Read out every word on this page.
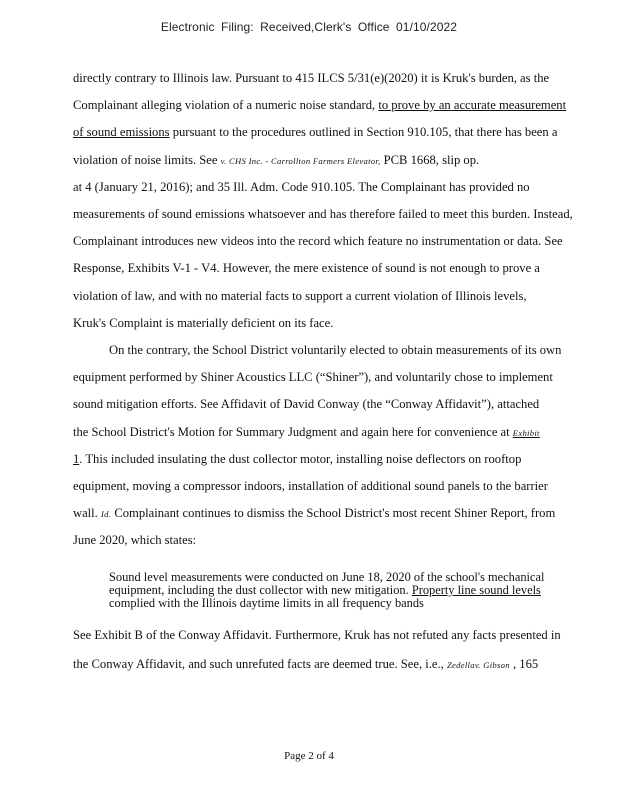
Electronic Filing: Received,Clerk's Office 01/10/2022
directly contrary to Illinois law. Pursuant to 415 ILCS 5/31(e)(2020) it is Kruk's burden, as the
Complainant alleging violation of a numeric noise standard, to prove by an accurate measurement
of sound emissions pursuant to the procedures outlined in Section 910.105, that there has been a
violation of noise limits. See v. CHS Inc. - Carrollton Farmers Elevator, PCB 1668, slip op.
at 4 (January 21, 2016); and 35 Ill. Adm. Code 910.105. The Complainant has provided no
measurements of sound emissions whatsoever and has therefore failed to meet this burden. Instead,
Complainant introduces new videos into the record which feature no instrumentation or data. See
Response, Exhibits V-1 - V4. However, the mere existence of sound is not enough to prove a
violation of law, and with no material facts to support a current violation of Illinois levels,
Kruk's Complaint is materially deficient on its face.
On the contrary, the School District voluntarily elected to obtain measurements of its own
equipment performed by Shiner Acoustics LLC (“Shiner”), and voluntarily chose to implement
sound mitigation efforts. See Affidavit of David Conway (the “Conway Affidavit”), attached
the School District's Motion for Summary Judgment and again here for convenience at Exhibit
1. This included insulating the dust collector motor, installing noise deflectors on rooftop
equipment, moving a compressor indoors, installation of additional sound panels to the barrier
wall. Id. Complainant continues to dismiss the School District's most recent Shiner Report, from
June 2020, which states:
Sound level measurements were conducted on June 18, 2020 of the school's mechanical
equipment, including the dust collector with new mitigation. Property line sound levels
complied with the Illinois daytime limits in all frequency bands
See Exhibit B of the Conway Affidavit. Furthermore, Kruk has not refuted any facts presented in
the Conway Affidavit, and such unrefuted facts are deemed true. See, i.e., Zedellav. Gibson , 165
Page 2 of 4
